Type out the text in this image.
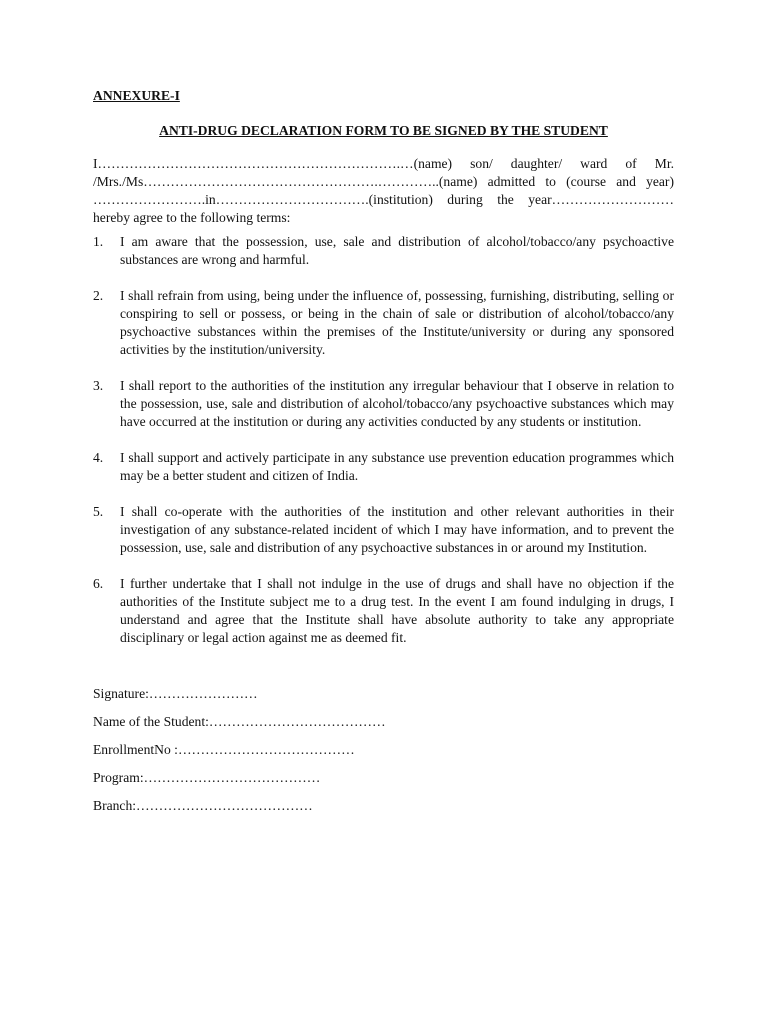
ANNEXURE-I
ANTI-DRUG DECLARATION FORM TO BE SIGNED BY THE STUDENT
I………………………………………………………….…(name) son/ daughter/ ward of Mr. /Mrs./Ms…………………………………………….…………..(name) admitted to (course and year) …………………….in…………………………….(institution) during the year………………………hereby agree to the following terms:
1.	I am aware that the possession, use, sale and distribution of alcohol/tobacco/any psychoactive substances are wrong and harmful.
2.	I shall refrain from using, being under the influence of, possessing, furnishing, distributing, selling or conspiring to sell or possess, or being in the chain of sale or distribution of alcohol/tobacco/any psychoactive substances within the premises of the Institute/university or during any sponsored activities by the institution/university.
3.	I shall report to the authorities of the institution any irregular behaviour that I observe in relation to the possession, use, sale and distribution of alcohol/tobacco/any psychoactive substances which may have occurred at the institution or during any activities conducted by any students or institution.
4.	I shall support and actively participate in any substance use prevention education programmes which may be a better student and citizen of India.
5.	I shall co-operate with the authorities of the institution and other relevant authorities in their investigation of any substance-related incident of which I may have information, and to prevent the possession, use, sale and distribution of any psychoactive substances in or around my Institution.
6.	I further undertake that I shall not indulge in the use of drugs and shall have no objection if the authorities of the Institute subject me to a drug test. In the event I am found indulging in drugs, I understand and agree that the Institute shall have absolute authority to take any appropriate disciplinary or legal action against me as deemed fit.
Signature:……………………
Name of the Student:…………………………………
EnrollmentNo :…………………………………
Program:…………………………………
Branch:…………………………………
